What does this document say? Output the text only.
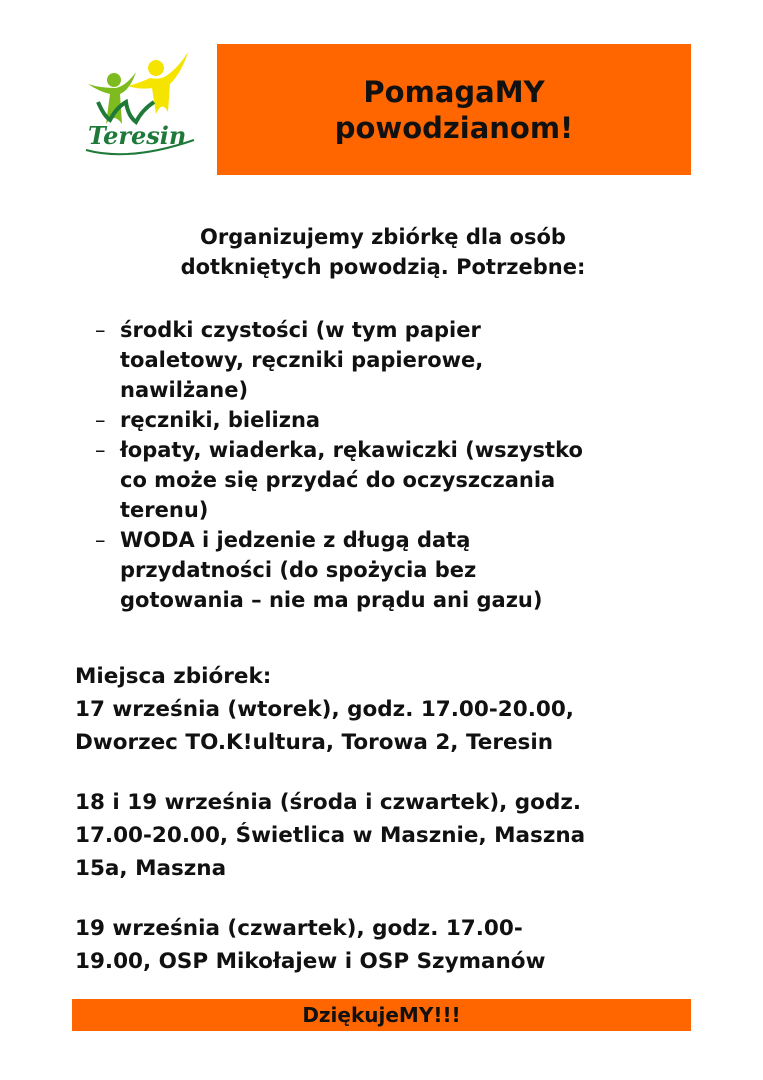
Teresin
PomagaMY
powodzianom!
Organizujemy zbiórkę dla osób
dotkniętych powodzią. Potrzebne:
– środki czystości (w tym papier
toaletowy, ręczniki papierowe,
nawilżane)
– ręczniki, bielizna
– łopaty, wiaderka, rękawiczki (wszystko
co może się przydać do oczyszczania
terenu)
– WODA i jedzenie z długą datą
przydatności (do spożycia bez
gotowania – nie ma prądu ani gazu)

Miejsca zbiórek:

17 września (wtorek), godz. 17.00-20.00,
Dworzec TO.K!ultura, Torowa 2, Teresin

18 i 19 września (środa i czwartek), godz.
17.00-20.00, Świetlica w Masznie, Maszna
15a, Maszna

19 września (czwartek), godz. 17.00-
19.00, OSP Mikołajew i OSP Szymanów

DziękujeMY!!!
